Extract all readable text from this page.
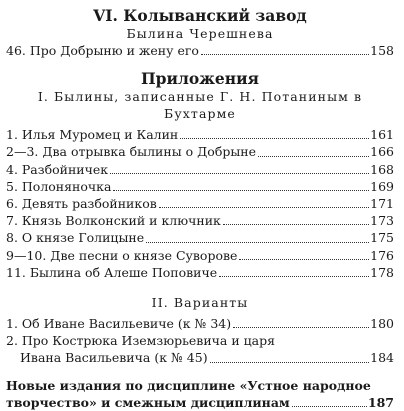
VI. Колыванский завод
Былина Черешнева
46. Про Добрыню и жену его	158
Приложения
I. Былины, записанные Г. Н. Потаниным в Бухтарме
1. Илья Муромец и Калин	161
2—3. Два отрывка былины о Добрыне	166
4. Разбойничек	168
5. Полоняночка	169
6. Девять разбойников	171
7. Князь Волконский и ключник	173
8. О князе Голицыне	175
9—10. Две песни о князе Суворове	176
11. Былина об Алеше Поповиче	178
II. Варианты
1. Об Иване Васильевиче (к № 34)	180
2. Про Кострюка Иземзюрьевича и царя
Ивана Васильевича (к № 45)	184
Новые издания по дисциплине «Устное народное
творчество» и смежным дисциплинам	187
